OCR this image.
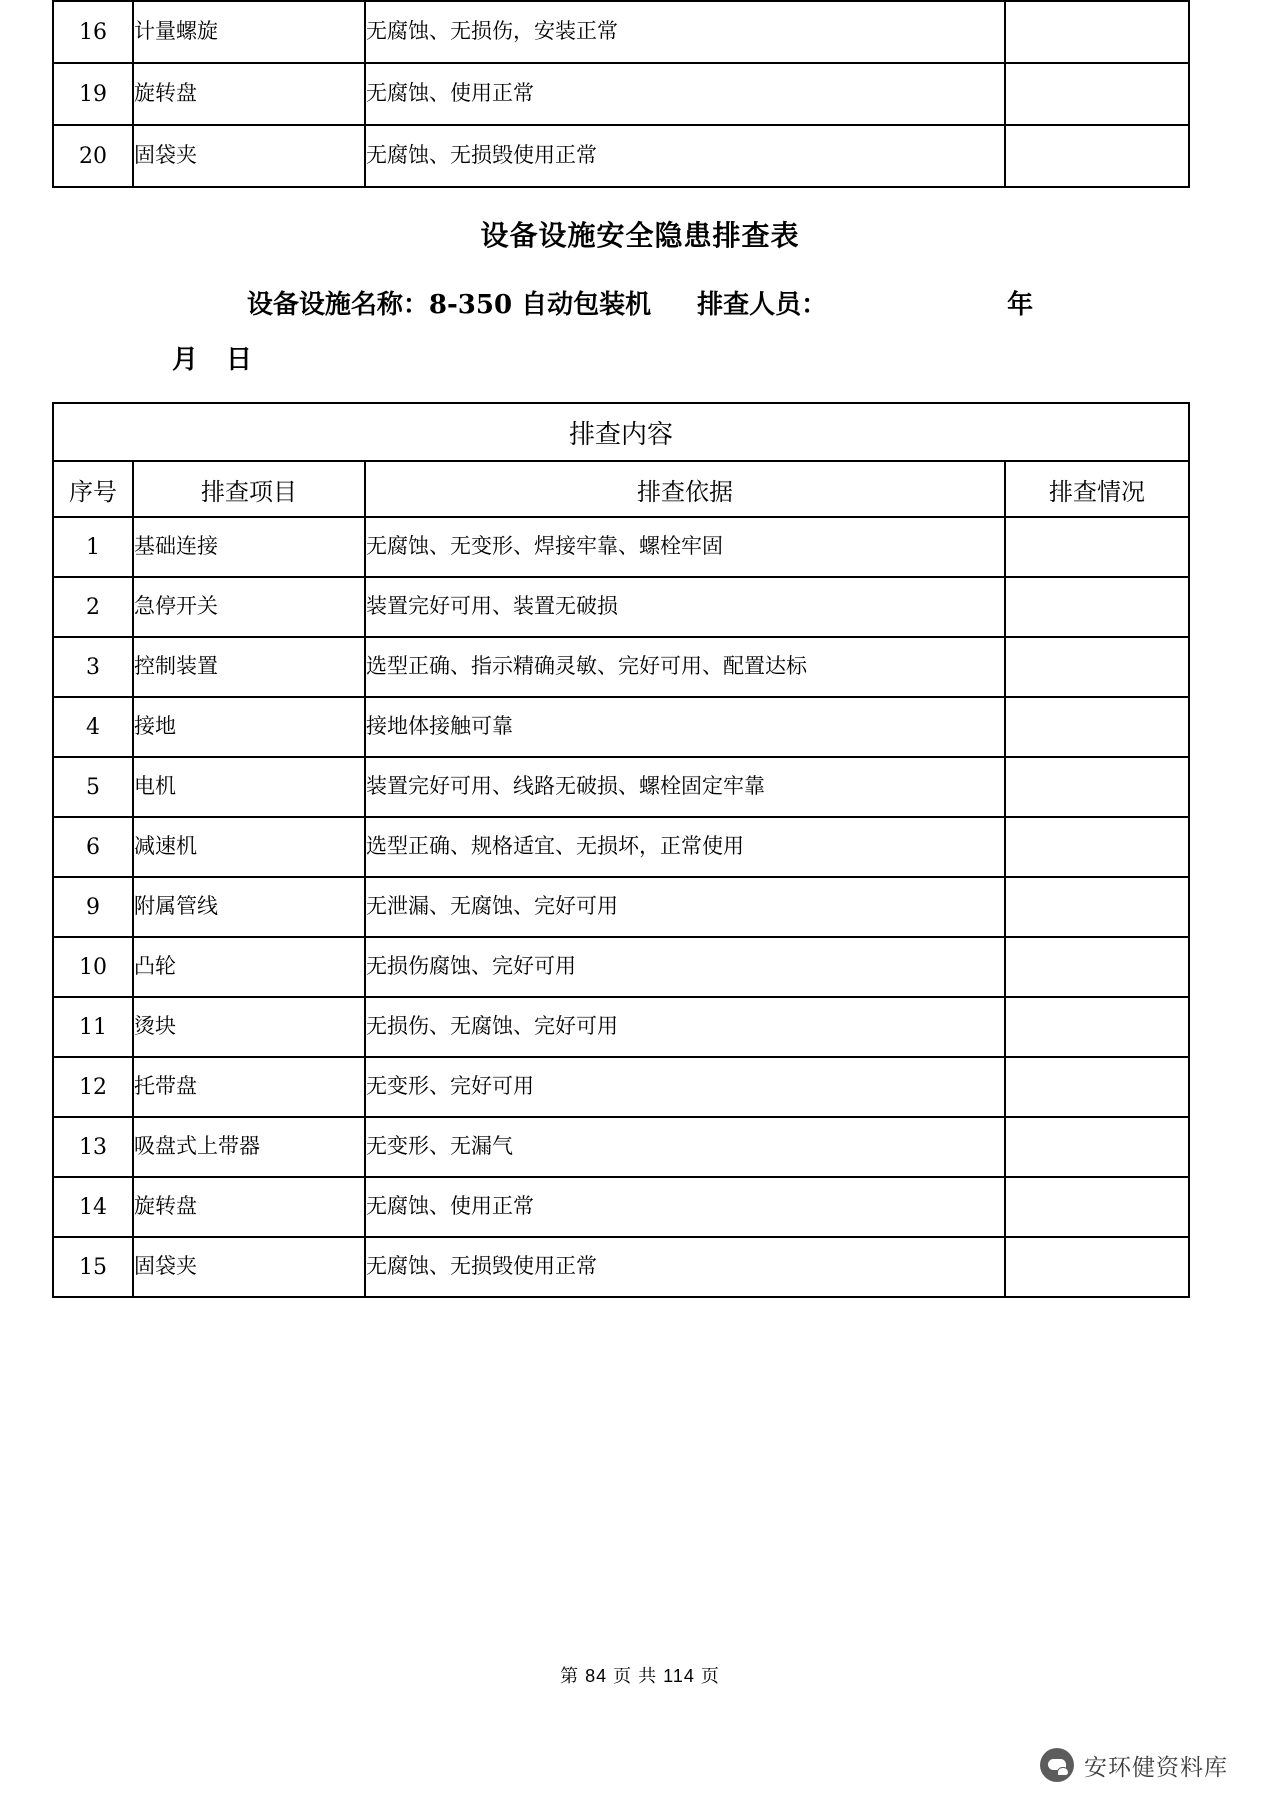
16	计量螺旋	无腐蚀、无损伤，安装正常	
19	旋转盘	无腐蚀、使用正常	
20	固袋夹	无腐蚀、无损毁使用正常	
设备设施安全隐患排查表
设备设施名称：8-350 自动包装机 排查人员：	年
月 日
排查内容			
序号	排查项目	排查依据	排查情况
1	基础连接	无腐蚀、无变形、焊接牢靠、螺栓牢固	
2	急停开关	装置完好可用、装置无破损	
3	控制装置	选型正确、指示精确灵敏、完好可用、配置达标	
4	接地	接地体接触可靠	
5	电机	装置完好可用、线路无破损、螺栓固定牢靠	
6	减速机	选型正确、规格适宜、无损坏，正常使用	
9	附属管线	无泄漏、无腐蚀、完好可用	
10	凸轮	无损伤腐蚀、完好可用	
11	烫块	无损伤、无腐蚀、完好可用	
12	托带盘	无变形、完好可用	
13	吸盘式上带器	无变形、无漏气	
14	旋转盘	无腐蚀、使用正常	
15	固袋夹	无腐蚀、无损毁使用正常	
第 84 页 共 114 页
安环健资料库
